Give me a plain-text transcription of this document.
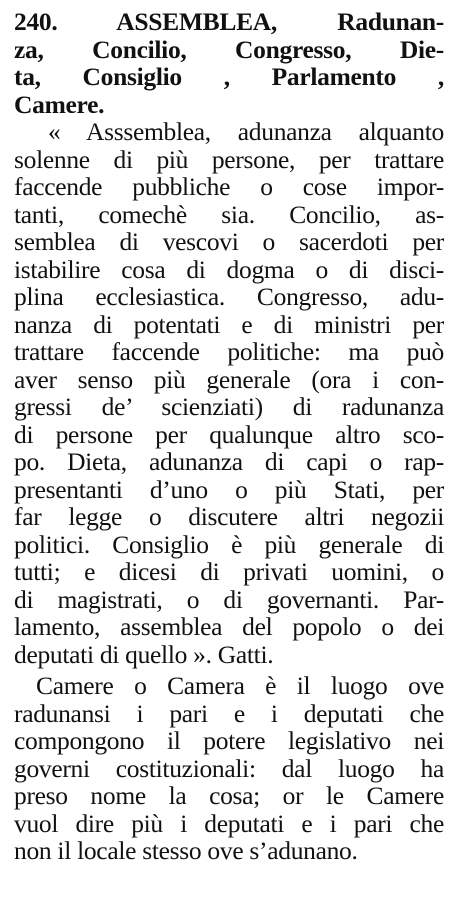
240. ASSEMBLEA, Radunan-
za, Concilio, Congresso, Die-
ta, Consiglio , Parlamento ,
Camere.
« Asssemblea, adunanza alquanto
solenne di più persone, per trattare
faccende pubbliche o cose impor-
tanti, comechè sia. Concilio, as-
semblea di vescovi o sacerdoti per
istabilire cosa di dogma o di disci-
plina ecclesiastica. Congresso, adu-
nanza di potentati e di ministri per
trattare faccende politiche: ma può
aver senso più generale (ora i con-
gressi de’ scienziati) di radunanza
di persone per qualunque altro sco-
po. Dieta, adunanza di capi o rap-
presentanti d’uno o più Stati, per
far legge o discutere altri negozii
politici. Consiglio è più generale di
tutti; e dicesi di privati uomini, o
di magistrati, o di governanti. Par-
lamento, assemblea del popolo o dei
deputati di quello ». Gatti.
Camere o Camera è il luogo ove
radunansi i pari e i deputati che
compongono il potere legislativo nei
governi costituzionali: dal luogo ha
preso nome la cosa; or le Camere
vuol dire più i deputati e i pari che
non il locale stesso ove s’adunano.
